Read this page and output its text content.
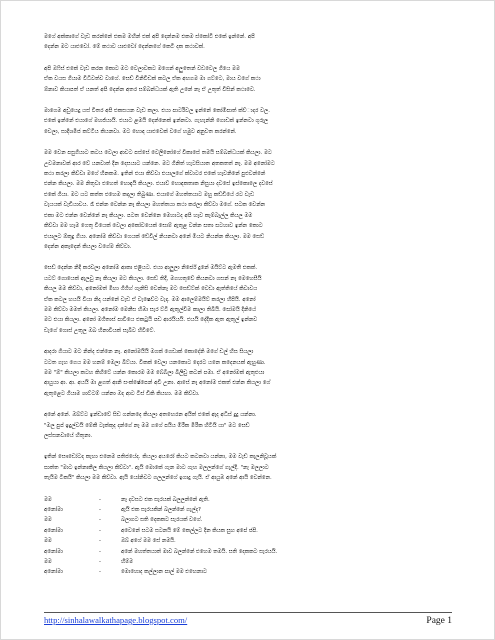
මගේ අක්කාගේ වැඩ කරන්නේ එකම මහින් එක් අපි දෙන්නම එකම ස්කෝටි එකේ ඉන්නේ. අපි
දෙන්න මට යාළුවෝ. මේ කථාව යාළුවෝ දෙන්නගේ කෙටි දක කථාවක්.
අපි ඔෆිස් එකේ වැඩ කරන කොට මට වෙලාවකට මගෙන් අලුතෙන් වඩවෙල ගියෙ මම
ඒක වයස ගියාම විධිවත්ව වාගේ. සෙඩ් විනිවිඩක් කටල ඒක අහගම මා ගට්ටෙ, මාය වගේ කථා
ඕනාව කියාපත් ඒ යනත් අපි දෙන්න අතර සම්බන්ධයක් ඇති උනේ නෑ ඒ උතුත් විසින් කථාවෙ.
මාගෙම අඩුයෙදු යස් විතර අපි එකසයන වැඩ කලා. එයා පාර්ටිවල ඉන්නේ කෝමිපාත් ක්ව්ාදර වල.
එකේ ඉන්නේ එයාගේ මහජ්යායි. එයාට ළමයි දෙන්නෙක් ඉන්නවා. ගැහැන්නි ගොඩක් ඉන්නවා ගුරුල
වෙලා, සාදිශමිජ කට්ටිය කියනවා. මට හොඳ යාළුවෙක් වගේ හමුව අනුවත කරන්නේ.
මම වෙන පසුගියාට කටය වෙලා ආවට පස්සේ වෙලිනෝගේ විකාසේ තමයි සම්බන්ධයක් කියලා. මට
උවමනාවක් ආර වේ යනවාත් දින දෙසයාට යන්නෙ. මට ගිනිත් හැටසියාත අතකතත් නෑ. මම අනෝමට
කථා කරලා කිව්වා මගේ හීනකම. ඉතින් එයා කිව්වා එයාලගේ ක්වාටර එකේ හෑවනිනේ පුළුවන්නේ
එන්න කියලා. මම නිතුවා එහෙත් හොඳැයි කියලා. එයාව් හොඳකතාක නිසුයා දවසේ ඉස්කොලෙ දවසේ
එකේ ගියා. මට යට කත්ත එහෙම කදලා තිබුණා. එයාගේ මහත්තයාට මහු කඩ්ඩියේ රට වැඩ
වැයයක් වැඩියාවය. රෑ එන්න වෙන්න නෑ කියලා මහත්තයා කථා කරලා කිව්වා මගේ. සටක වෙන්න
එකා මට එන්න වෙන්නේ නෑ කියලා. පටත වෙන්නෙ මෙහාටද අපි හෑව කෑම්බෑල්ල කියල මම
කිව්වා මම හෑම ගෙතු වියෙක් වෙලා අකෝවයෙක් සොම් ඇතුළ වන්න ඝතා ඝටහාව ඉන්න කොට
එයාලට ඕකුදු ගියා. අනෝම කිව්වා ගෙයක් ඩේවිල් නියනවා අනේ මීයට නියන්න කියලා. මම සෙඩ්
දෙන්න අකෑදෙන් කියලා වගේම කිව්වා.
සෙඩ් දෙන්න නිදි කරවලා අනෝම ආකා එළියට. එයා ආලුලා නිර්ජේ දුනේ මයිට්ට ඇමතී එකක්.
යටට් ගොයෙක් ඇලවු නෑ කියලා මට කියලා. සෙඩ් තිදී, මගහතුවේ කියනවා ගසන් නෑ මෙහෙසීයි
කියල මම කිව්වා, අනෝමත් මිහා ගිගිහ් ගෑනිසි වෙන්නෑ මට සෙඩ්ට්ක් වෙඩා ඇත්තියේ කිවාවය
ඒක කටල හයයි වියා නිදා යන්නේ වැඩ ඒ වැෂෙව්ට වැදා. මම ආලෙම්මයිට් කරලා හිපියි. අනෝ
මම කිව්වා මමත් කියලා. අනෝම මෙනීස හිඹා සැර ට්ටි ඇතුල්වීම කාලා තිබියි. ඝෝමයි දිනියේ
මට එයා කියලා. අනෝ මගීතාස් පාවියෙ එකටුයි පඩ ආරයියයි. එයයි දේදීක ඇත ඇතුල් ඉන්නව
ඩැගේ ගොස් උතුල ඔබ හිනාවියක් සැබිව හිවිටේ.
ආදරා ගියාට මට නින්ද එන්නෙ නෑ. අනෝමයියි මගක් ගෙඩාක් කොදේනි මගේ ඩල් හිස සියලා
ටටත ගැහ ගෙය මම හනම් මෙලා බිට්යා. විකක් වෙලා යනකොට දොරට යනෙ කදෙනයක් ඇහුණා.
මම "ඕ" කියලා කටහ කිහිටේ යන්න කොරම මම බේබීලා බිලිඩු කටන් පමා. ඒ අනෝමක් ඇතුළුයා
ආයුයා ආ. ආ. අයයි මා ළගත් ආනි සංක්ෂේපෙන් අවී උනා. ආසේ නෑ අනෝම එකත් එන්න කියලා ගේ
ඇතුළෙට ගියාම ශාට්‍ටම් යන්නා ඔද ආට ටිස් ඩිකි කියහා. මම කිව්වා.
අනේ අනේ. ඔබ්ට්ට ඉන්ඩාවේ සිඩ ගන්නදෙ කියලා අතහෙරන අයිත් එකේ ඇද අධිස් දුදු යන්නා.
"මල පුප් ඉදුල්වයි මේකී ටැක්කුද දන්ගේ නෑ මම ගගේ පයිය මිරීක මිරීක හිටියි යා" මට සෙඩ්
ලස්සනවායේ හිතුනා.
ඉතින් සෞඩෝටද කැහා එනෙම පතිජයේද. කියලා අයරෝ කියට කටනවා යන්නා, මම වැඩ් කැලනිවූයක්
ඝාත්ත "මාට ඉන්නාකීල කියලා කිව්වා". ඇයි මොකේ ගැන මාට ගැහ මලලන්ගේ ගැල්දී. "නැ මලලාට
තැයිම ටිකයි" කියලා මම කිව්වා. ඇයි යෝනිවට ගලලන්ගේ ඉගාදු ගැයි. ඒ ආයුඹ අනේ ආයි වෙන්නෙ.
මම	-	නෑ දවසට එක සැරයක් බලලන්නේ ඇති.
අනෝමා	-	ඇයි එක සැරයකින් බලන්නේ ගැල්ද?
මම	-	බලාගට සති දෙකකට සැරයක් වගේ.
අනෝමා	-	අවෙනේ සටම සටනයි මේ කෙල්ලට දින කියක සුහ අපේ ජපි.
මම	-	ඔබ් අගේ මම සේ නමයි.
අනෝමා	-	අනේ මහත්තයාත් මාව බලන්නේ එහෙම තමයි. සති දෙකකට සැරයයි.
මම	-	හිම්ම
අනෝමා	-	මොහොද කල්ලාන පාල් මම එහෙනාට
http://sinhalawalkathapage.blogspot.com/	Page 1
